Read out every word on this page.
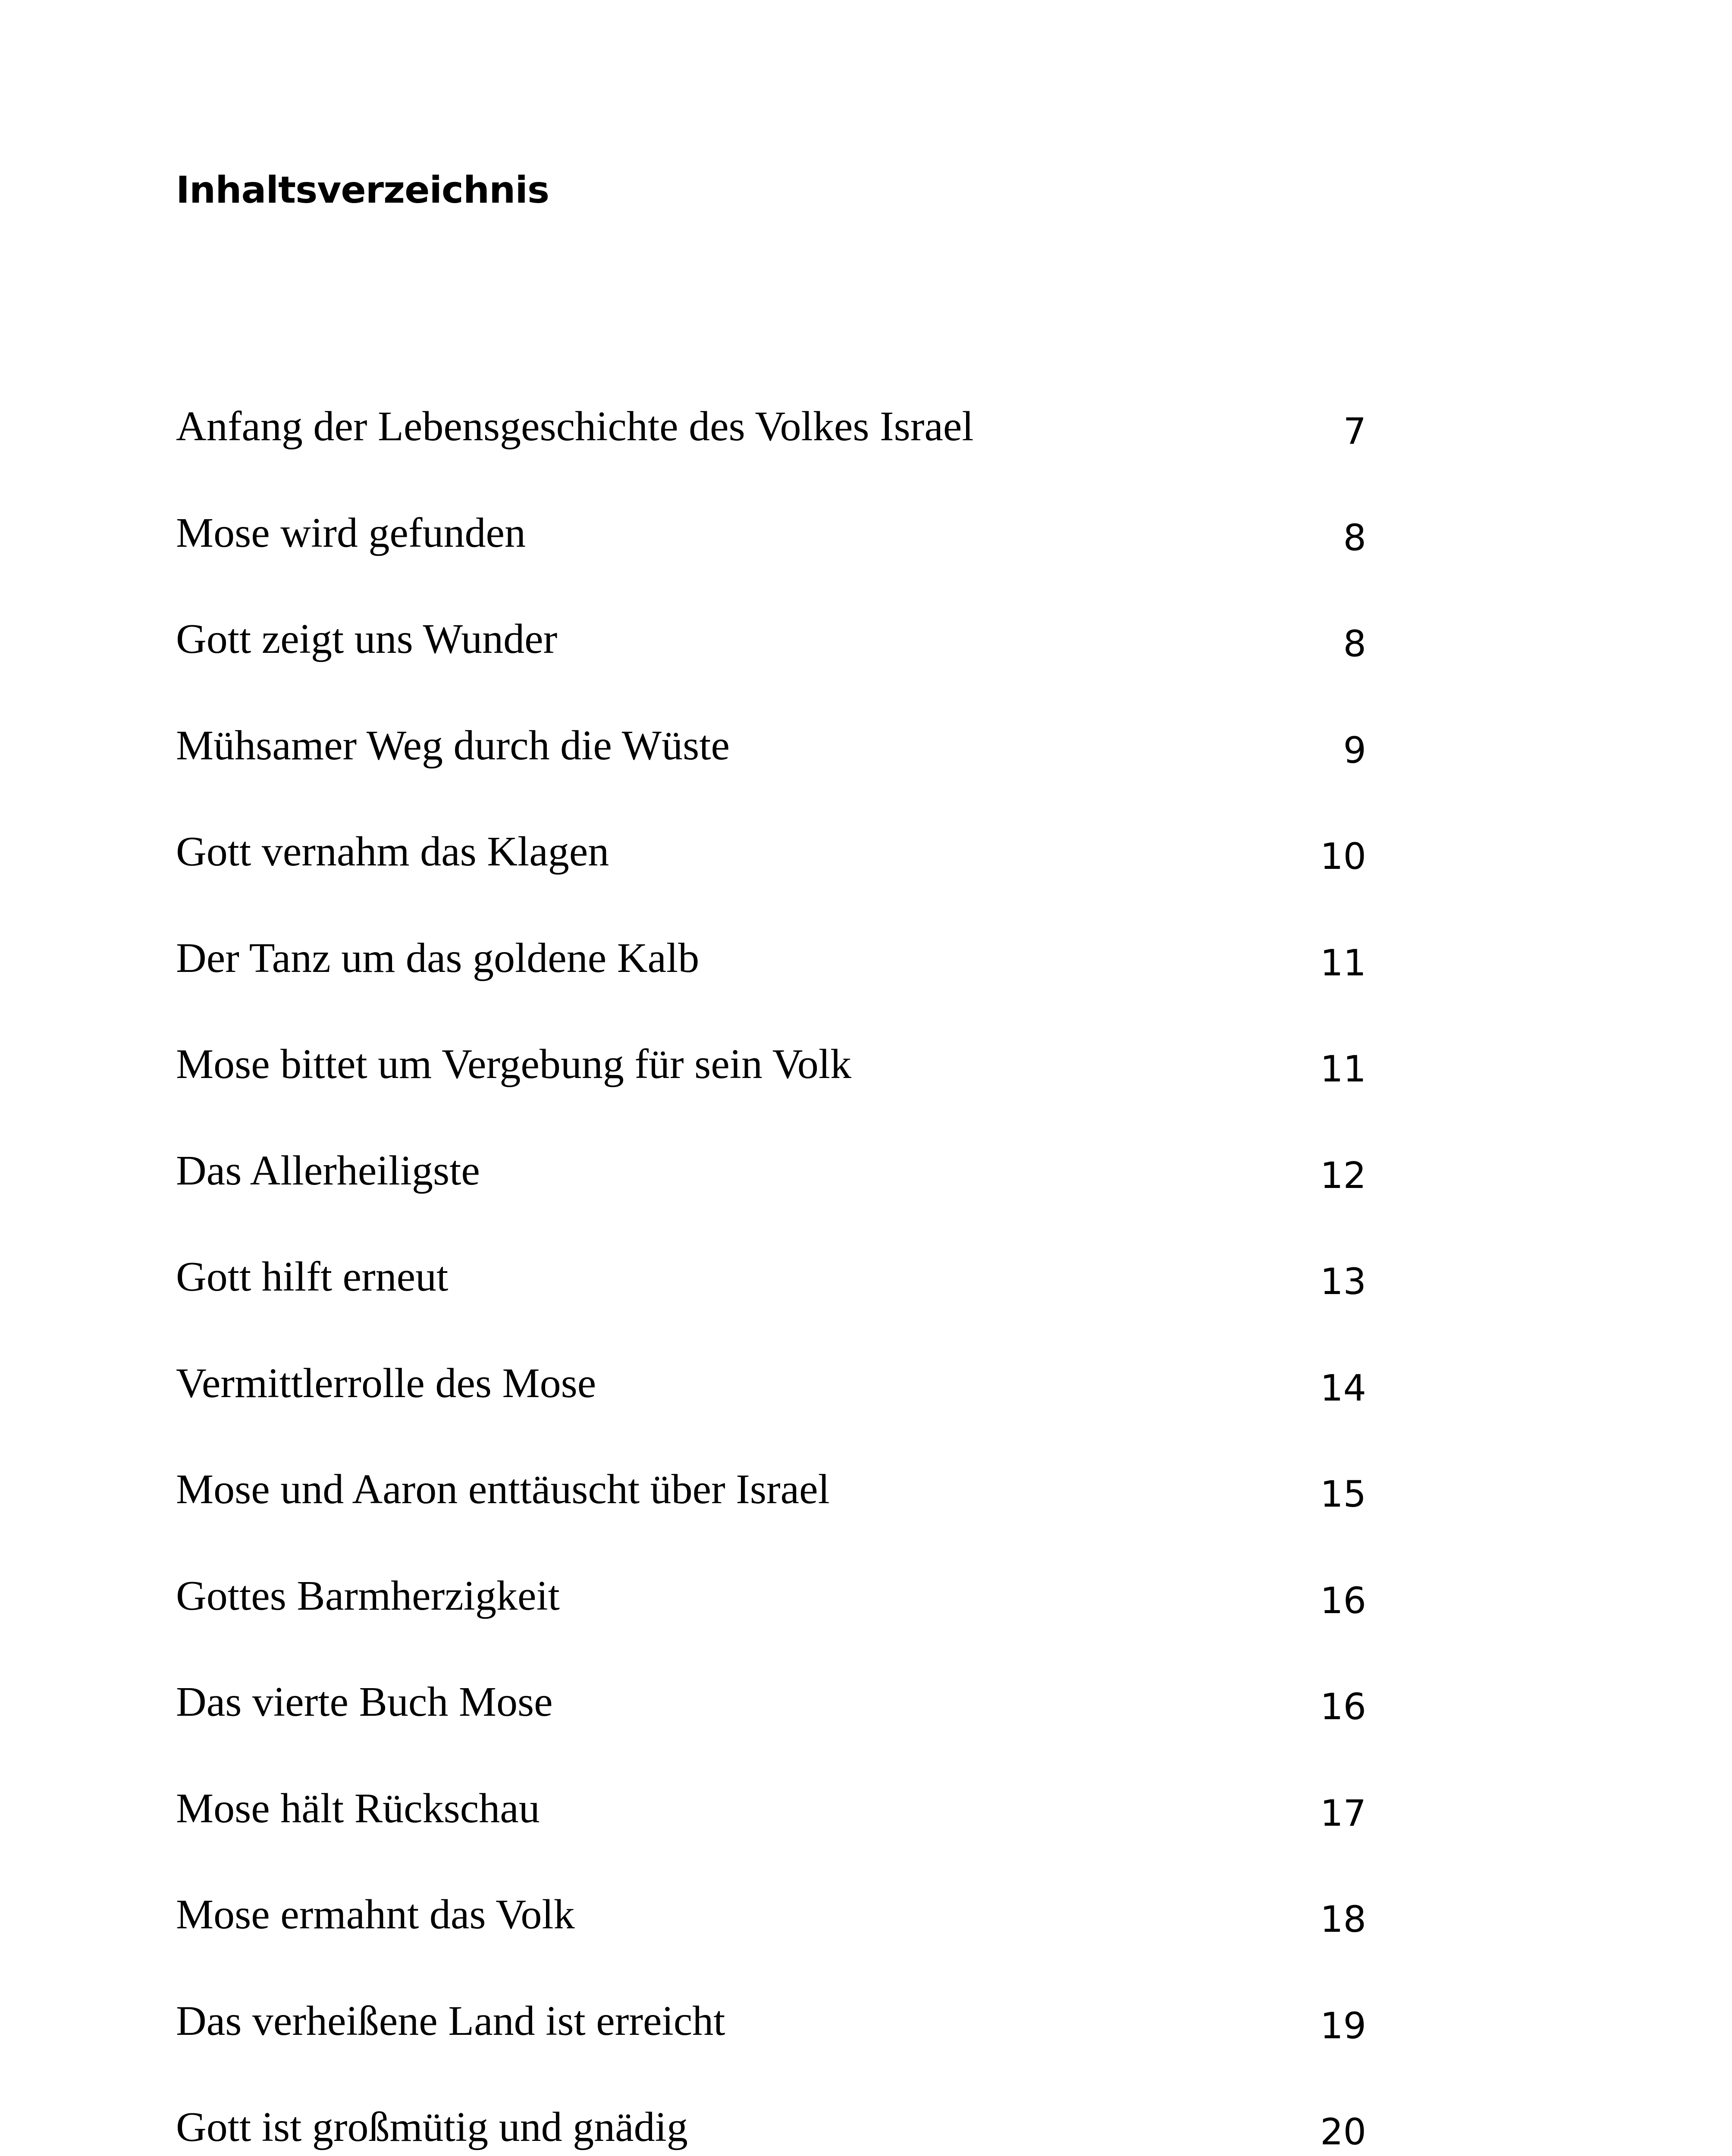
Inhaltsverzeichnis
Anfang der Lebensgeschichte des Volkes Israel	7
Mose wird gefunden	8
Gott zeigt uns Wunder	8
Mühsamer Weg durch die Wüste	9
Gott vernahm das Klagen	10
Der Tanz um das goldene Kalb	11
Mose bittet um Vergebung für sein Volk	11
Das Allerheiligste	12
Gott hilft erneut	13
Vermittlerrolle des Mose	14
Mose und Aaron enttäuscht über Israel	15
Gottes Barmherzigkeit	16
Das vierte Buch Mose	16
Mose hält Rückschau	17
Mose ermahnt das Volk	18
Das verheißene Land ist erreicht	19
Gott ist großmütig und gnädig	20
